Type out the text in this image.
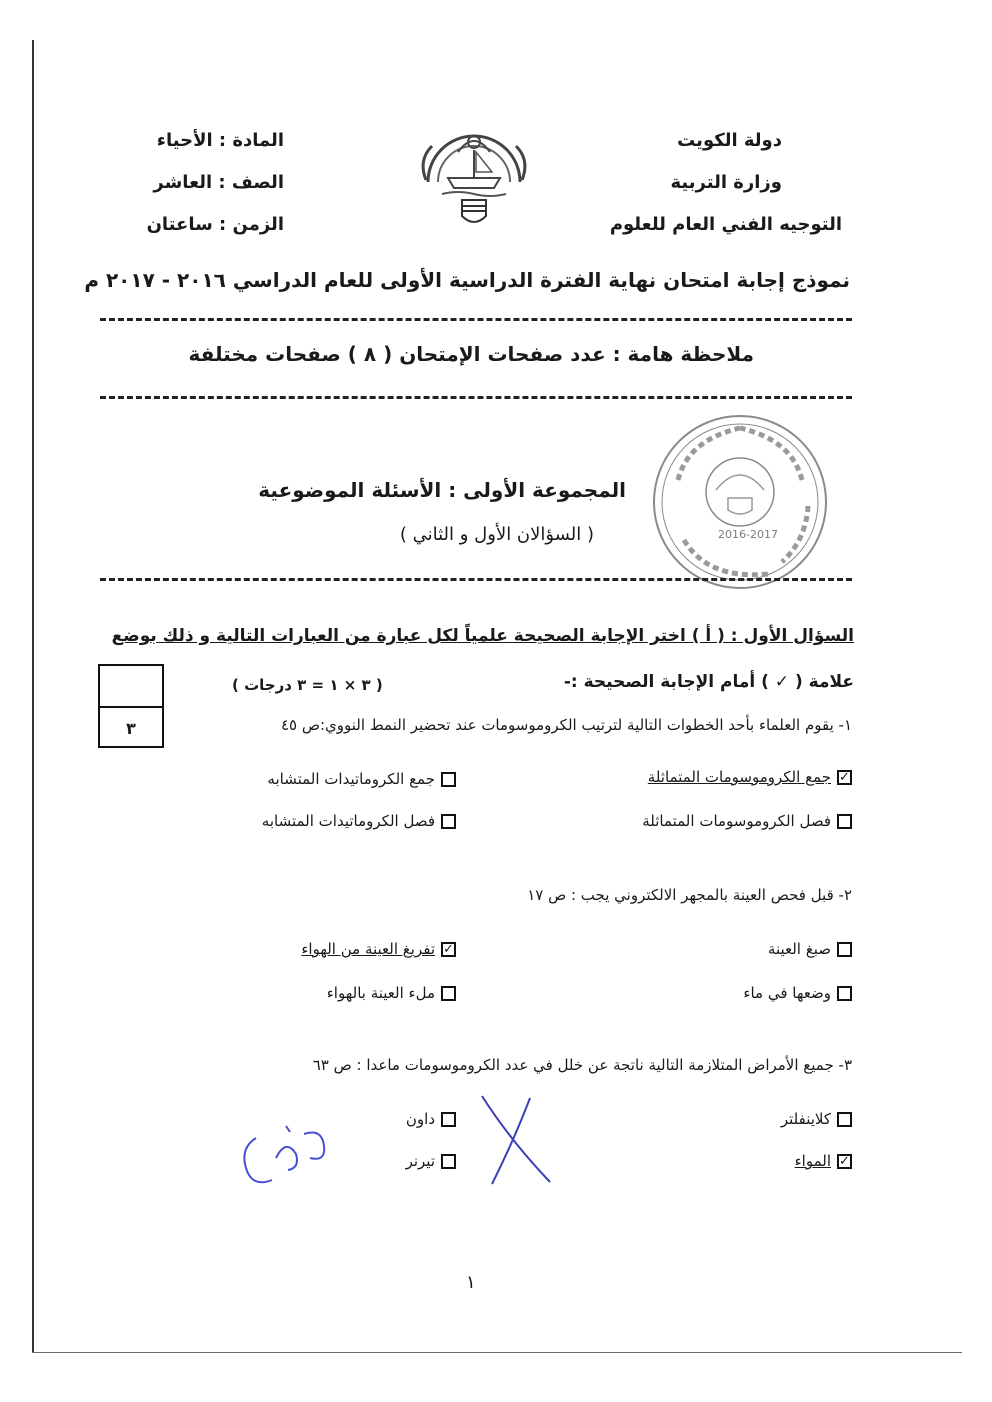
دولة الكويت
وزارة التربية
التوجيه الفني العام للعلوم
المادة : الأحياء
الصف : العاشر
الزمن : ساعتان
نموذج إجابة امتحان نهاية الفترة الدراسية الأولى للعام الدراسي ٢٠١٦ - ٢٠١٧ م
ملاحظة هامة : عدد صفحات الإمتحان ( ٨ ) صفحات مختلفة
2016-2017
المجموعة الأولى : الأسئلة الموضوعية
( السؤالان الأول و الثاني )
السؤال الأول : ( أ ) اختر الإجابة الصحيحة علمياً لكل عبارة من العبارات التالية و ذلك بوضع
علامة ( ✓ ) أمام الإجابة الصحيحة :-
( ٣ × ١ = ٣ درجات )
٣	١- يقوم العلماء بأحد الخطوات التالية لترتيب الكروموسومات عند تحضير النمط النووي:ص ٤٥
✓
جمع الكروموسومات المتماثلة
جمع الكروماتيدات المتشابه
فصل الكروموسومات المتماثلة
فصل الكروماتيدات المتشابه
٢- قبل فحص العينة بالمجهر الالكتروني يجب : ص ١٧
صبغ العينة
✓
تفريغ العينة من الهواء
وضعها في ماء
ملء العينة بالهواء
٣- جميع الأمراض المتلازمة التالية ناتجة عن خلل في عدد الكروموسومات ماعدا : ص ٦٣
كلاينفلتر
داون
✓
المواء
تيرنر
١
